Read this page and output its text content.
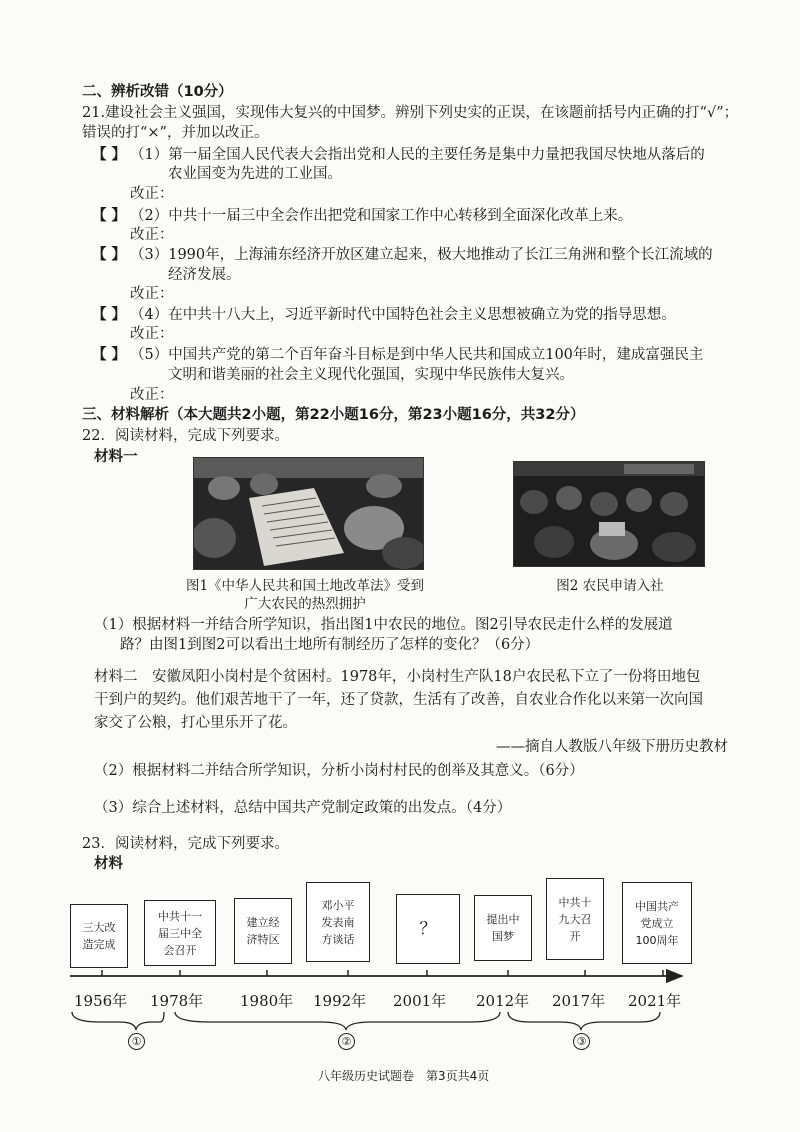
二、辨析改错（10分）
21.建设社会主义强国，实现伟大复兴的中国梦。辨别下列史实的正误，在该题前括号内正确的打“√”；
错误的打“×”，并加以改正。
【 】 （1）第一届全国人民代表大会指出党和人民的主要任务是集中力量把我国尽快地从落后的
农业国变为先进的工业国。
改正：
【 】 （2）中共十一届三中全会作出把党和国家工作中心转移到全面深化改革上来。
改正：
【 】 （3）1990年，上海浦东经济开放区建立起来，极大地推动了长江三角洲和整个长江流域的
经济发展。
改正：
【 】 （4）在中共十八大上，习近平新时代中国特色社会主义思想被确立为党的指导思想。
改正：
【 】 （5）中国共产党的第二个百年奋斗目标是到中华人民共和国成立100年时，建成富强民主
文明和谐美丽的社会主义现代化强国，实现中华民族伟大复兴。
改正：
三、材料解析（本大题共2小题，第22小题16分，第23小题16分，共32分）
22．阅读材料，完成下列要求。
材料一
图1《中华人民共和国土地改革法》受到
广大农民的热烈拥护
图2 农民申请入社
（1）根据材料一并结合所学知识，指出图1中农民的地位。图2引导农民走什么样的发展道
路？由图1到图2可以看出土地所有制经历了怎样的变化？（6分）
材料二　安徽凤阳小岗村是个贫困村。1978年，小岗村生产队18户农民私下立了一份将田地包
干到户的契约。他们艰苦地干了一年，还了贷款，生活有了改善，自农业合作化以来第一次向国
家交了公粮，打心里乐开了花。
——摘自人教版八年级下册历史教材
（2）根据材料二并结合所学知识，分析小岗村村民的创举及其意义。（6分）
（3）综合上述材料，总结中国共产党制定政策的出发点。（4分）
23．阅读材料，完成下列要求。
材料
三大改
造完成
中共十一
届三中全
会召开
建立经
济特区
邓小平
发表南
方谈话
？	提出中
国梦
中共十
九大召
开
中国共产
党成立
100周年
1956年 1978年 1980年 1992年 2001年 2012年 2017年 2021年
①	②	③
八年级历史试题卷　第3页共4页
